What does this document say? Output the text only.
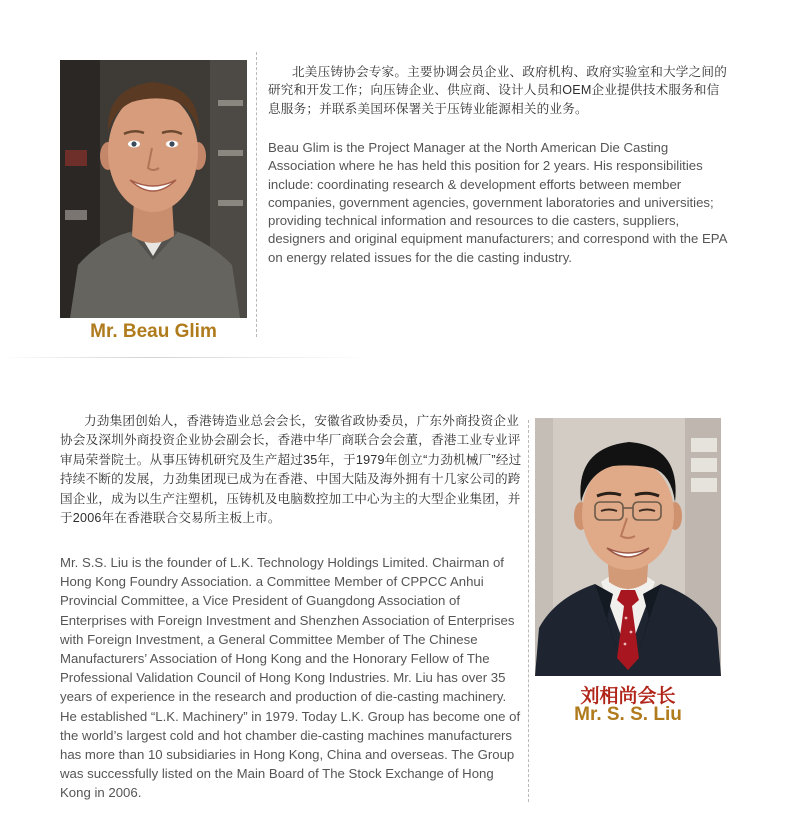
Mr. Beau Glim
北美压铸协会专家。主要协调会员企业、政府机构、政府实验室和大学之间的研究和开发工作；向压铸企业、供应商、设计人员和OEM企业提供技术服务和信息服务；并联系美国环保署关于压铸业能源相关的业务。
Beau Glim is the Project Manager at the North American Die Casting Association where he has held this position for 2 years. His responsibilities include: coordinating research & development efforts between member companies, government agencies, government laboratories and universities; providing technical information and resources to die casters, suppliers, designers and original equipment manufacturers; and correspond with the EPA on energy related issues for the die casting industry.
力劲集团创始人，香港铸造业总会会长，安徽省政协委员，广东外商投资企业协会及深圳外商投资企业协会副会长，香港中华厂商联合会会董，香港工业专业评审局荣誉院士。从事压铸机研究及生产超过35年，于1979年创立“力劲机械厂”经过持续不断的发展，力劲集团现已成为在香港、中国大陆及海外拥有十几家公司的跨国企业，成为以生产注塑机，压铸机及电脑数控加工中心为主的大型企业集团，并于2006年在香港联合交易所主板上市。
Mr. S.S. Liu is the founder of L.K. Technology Holdings Limited. Chairman of Hong Kong Foundry Association. a Committee Member of CPPCC Anhui Provincial Committee, a Vice President of Guangdong Association of Enterprises with Foreign Investment and Shenzhen Association of Enterprises with Foreign Investment, a General Committee Member of The Chinese Manufacturers’ Association of Hong Kong and the Honorary Fellow of The Professional Validation Council of Hong Kong Industries. Mr. Liu has over 35 years of experience in the research and production of die-casting machinery. He established “L.K. Machinery” in 1979. Today L.K. Group has become one of the world’s largest cold and hot chamber die-casting machines manufacturers has more than 10 subsidiaries in Hong Kong, China and overseas. The Group was successfully listed on the Main Board of The Stock Exchange of Hong Kong in 2006.
刘相尚会长
Mr. S. S. Liu
